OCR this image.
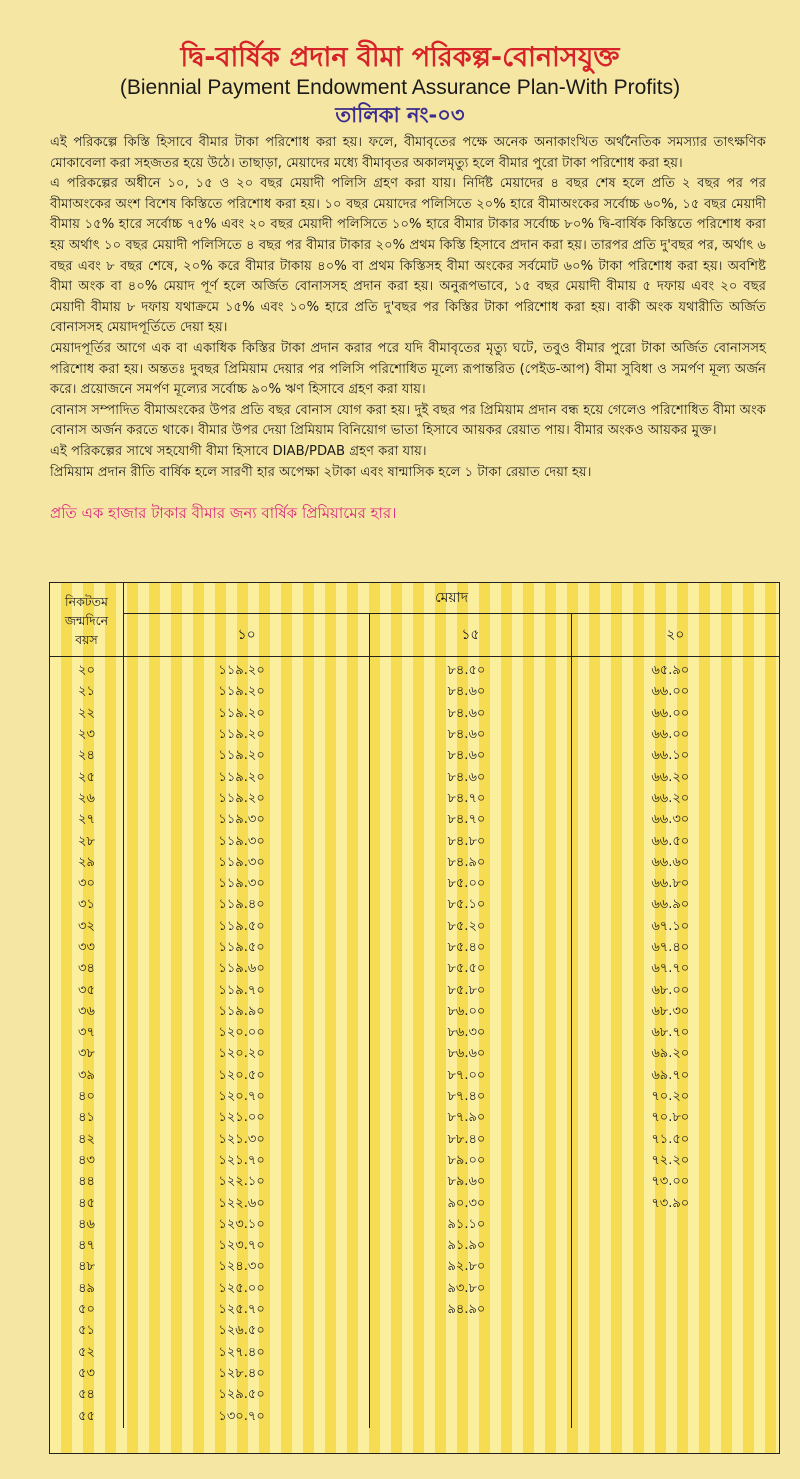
দ্বি-বার্ষিক প্রদান বীমা পরিকল্প-বোনাসযুক্ত
(Biennial Payment Endowment Assurance Plan-With Profits)
তালিকা নং-০৩

এই পরিকল্পে কিস্তি হিসাবে বীমার টাকা পরিশোধ করা হয়। ফলে, বীমাবৃতের পক্ষে অনেক অনাকাংখিত অর্থনৈতিক সমস্যার তাৎক্ষণিক মোকাবেলা করা সহজতর হয়ে উঠে। তাছাড়া, মেয়াদের মধ্যে বীমাবৃতর অকালমৃত্যু হলে বীমার পুরো টাকা পরিশোধ করা হয়।

এ পরিকল্পের অধীনে ১০, ১৫ ও ২০ বছর মেয়াদী পলিসি গ্রহণ করা যায়। নির্দিষ্ট মেয়াদের ৪ বছর শেষ হলে প্রতি ২ বছর পর পর বীমাঅংকের অংশ বিশেষ কিস্তিতে পরিশোধ করা হয়। ১০ বছর মেয়াদের পলিসিতে ২০% হারে বীমাঅংকের সর্বোচ্চ ৬০%, ১৫ বছর মেয়াদী বীমায় ১৫% হারে সর্বোচ্চ ৭৫% এবং ২০ বছর মেয়াদী পলিসিতে ১০% হারে বীমার টাকার সর্বোচ্চ ৮০% দ্বি-বার্ষিক কিস্তিতে পরিশোধ করা হয় অর্থাৎ ১০ বছর মেয়াদী পলিসিতে ৪ বছর পর বীমার টাকার ২০% প্রথম কিস্তি হিসাবে প্রদান করা হয়। তারপর প্রতি দু'বছর পর, অর্থাৎ ৬ বছর এবং ৮ বছর শেষে, ২০% করে বীমার টাকায় ৪০% বা প্রথম কিস্তিসহ বীমা অংকের সর্বমোট ৬০% টাকা পরিশোধ করা হয়। অবশিষ্ট বীমা অংক বা ৪০% মেয়াদ পূর্ণ হলে অর্জিত বোনাসসহ প্রদান করা হয়। অনুরূপভাবে, ১৫ বছর মেয়াদী বীমায় ৫ দফায় এবং ২০ বছর মেয়াদী বীমায় ৮ দফায় যথাক্রমে ১৫% এবং ১০% হারে প্রতি দু'বছর পর কিস্তির টাকা পরিশোধ করা হয়। বাকী অংক যথারীতি অর্জিত বোনাসসহ মেয়াদপূর্তিতে দেয়া হয়।

মেয়াদপূর্তির আগে এক বা একাধিক কিস্তির টাকা প্রদান করার পরে যদি বীমাবৃতের মৃত্যু ঘটে, তবুও বীমার পুরো টাকা অর্জিত বোনাসসহ পরিশোধ করা হয়। অন্ততঃ দুবছর প্রিমিয়াম দেয়ার পর পলিসি পরিশোধিত মূল্যে রূপান্তরিত (পেইড-আপ) বীমা সুবিধা ও সমর্পণ মূল্য অর্জন করে। প্রয়োজনে সমর্পণ মূল্যের সর্বোচ্চ ৯০% ঋণ হিসাবে গ্রহণ করা যায়।

বোনাস সম্পাদিত বীমাঅংকের উপর প্রতি বছর বোনাস যোগ করা হয়। দুই বছর পর প্রিমিয়াম প্রদান বন্ধ হয়ে গেলেও পরিশোধিত বীমা অংক বোনাস অর্জন করতে থাকে। বীমার উপর দেয়া প্রিমিয়াম বিনিয়োগ ভাতা হিসাবে আয়কর রেয়াত পায়। বীমার অংকও আয়কর মুক্ত।

এই পরিকল্পের সাথে সহযোগী বীমা হিসাবে DIAB/PDAB গ্রহণ করা যায়।

প্রিমিয়াম প্রদান রীতি বার্ষিক হলে সারণী হার অপেক্ষা ২টাকা এবং ষান্মাসিক হলে ১ টাকা রেয়াত দেয়া হয়।

প্রতি এক হাজার টাকার বীমার জন্য বার্ষিক প্রিমিয়ামের হার।
নিকটতম
জন্মদিনে
বয়স	মেয়াদ		
	১০	১৫	২০
২০	১১৯.২০	৮৪.৫০	৬৫.৯০
২১	১১৯.২০	৮৪.৬০	৬৬.০০
২২	১১৯.২০	৮৪.৬০	৬৬.০০
২৩	১১৯.২০	৮৪.৬০	৬৬.০০
২৪	১১৯.২০	৮৪.৬০	৬৬.১০
২৫	১১৯.২০	৮৪.৬০	৬৬.২০
২৬	১১৯.২০	৮৪.৭০	৬৬.২০
২৭	১১৯.৩০	৮৪.৭০	৬৬.৩০
২৮	১১৯.৩০	৮৪.৮০	৬৬.৫০
২৯	১১৯.৩০	৮৪.৯০	৬৬.৬০
৩০	১১৯.৩০	৮৫.০০	৬৬.৮০
৩১	১১৯.৪০	৮৫.১০	৬৬.৯০
৩২	১১৯.৫০	৮৫.২০	৬৭.১০
৩৩	১১৯.৫০	৮৫.৪০	৬৭.৪০
৩৪	১১৯.৬০	৮৫.৫০	৬৭.৭০
৩৫	১১৯.৭০	৮৫.৮০	৬৮.০০
৩৬	১১৯.৯০	৮৬.০০	৬৮.৩০
৩৭	১২০.০০	৮৬.৩০	৬৮.৭০
৩৮	১২০.২০	৮৬.৬০	৬৯.২০
৩৯	১২০.৫০	৮৭.০০	৬৯.৭০
৪০	১২০.৭০	৮৭.৪০	৭০.২০
৪১	১২১.০০	৮৭.৯০	৭০.৮০
৪২	১২১.৩০	৮৮.৪০	৭১.৫০
৪৩	১২১.৭০	৮৯.০০	৭২.২০
৪৪	১২২.১০	৮৯.৬০	৭৩.০০
৪৫	১২২.৬০	৯০.৩০	৭৩.৯০
৪৬	১২৩.১০	৯১.১০	
৪৭	১২৩.৭০	৯১.৯০	
৪৮	১২৪.৩০	৯২.৮০	
৪৯	১২৫.০০	৯৩.৮০	
৫০	১২৫.৭০	৯৪.৯০	
৫১	১২৬.৫০		
৫২	১২৭.৪০		
৫৩	১২৮.৪০		
৫৪	১২৯.৫০		
৫৫	১৩০.৭০		
